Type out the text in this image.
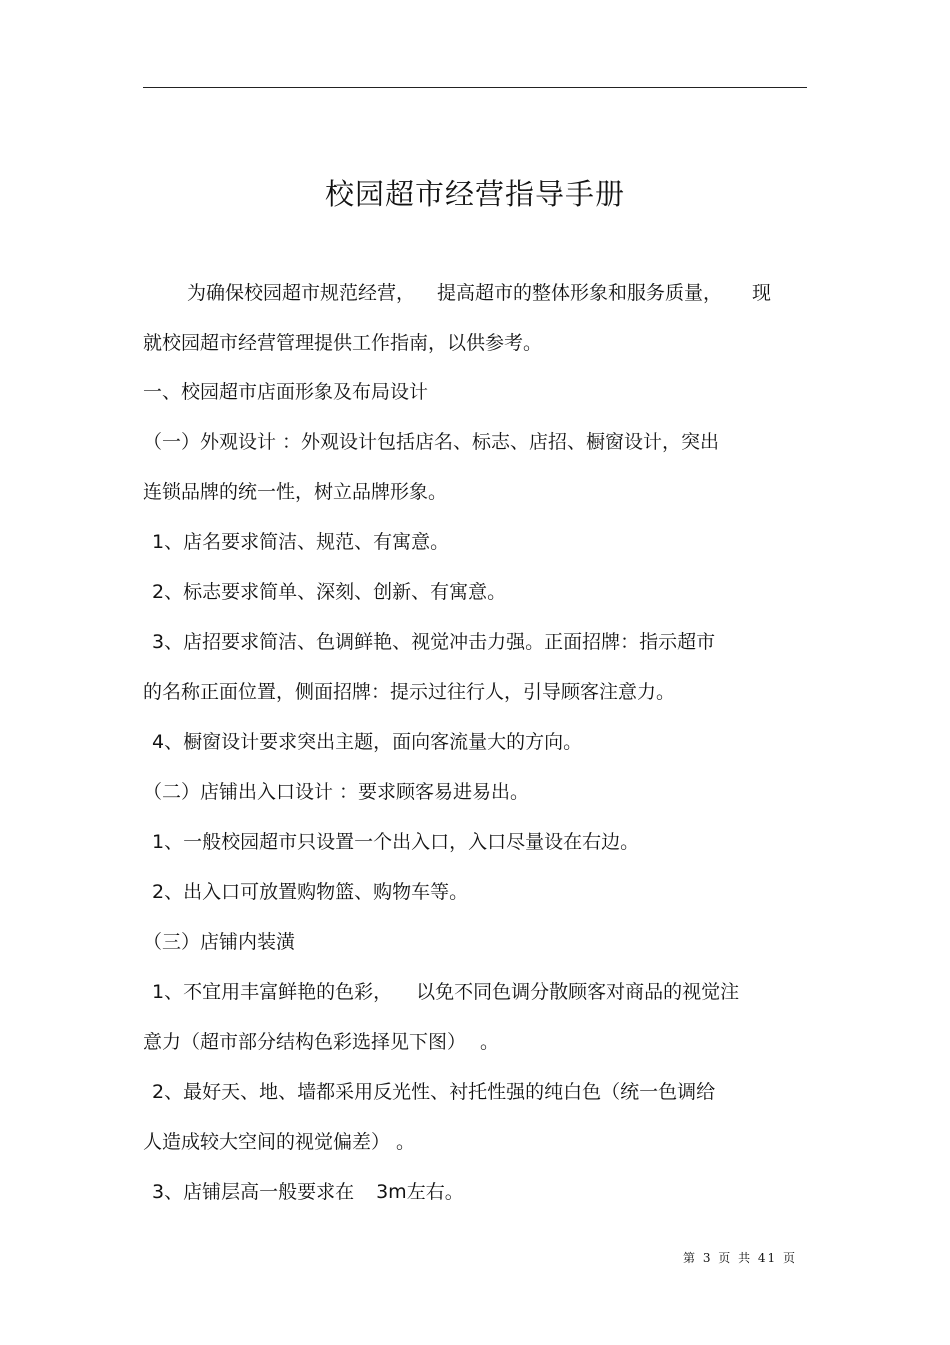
校园超市经营指导手册
为确保校园超市规范经营， 提高超市的整体形象和服务质量， 现
就校园超市经营管理提供工作指南，以供参考。
一、校园超市店面形象及布局设计
（一）外观设计 ：外观设计包括店名、标志、店招、橱窗设计，突出
连锁品牌的统一性，树立品牌形象。
1、店名要求简洁、规范、有寓意。
2、标志要求简单、深刻、创新、有寓意。
3、店招要求简洁、色调鲜艳、视觉冲击力强。正面招牌：指示超市
的名称正面位置，侧面招牌：提示过往行人，引导顾客注意力。
4、橱窗设计要求突出主题，面向客流量大的方向。
（二）店铺出入口设计 ：要求顾客易进易出。
1、一般校园超市只设置一个出入口，入口尽量设在右边。
2、出入口可放置购物篮、购物车等。
（三）店铺内装潢
1、不宜用丰富鲜艳的色彩， 以免不同色调分散顾客对商品的视觉注
意力（超市部分结构色彩选择见下图） 。
2、最好天、地、墙都采用反光性、衬托性强的纯白色（统一色调给
人造成较大空间的视觉偏差） 。
3、店铺层高一般要求在 3m左右。
第 3 页 共 41 页
